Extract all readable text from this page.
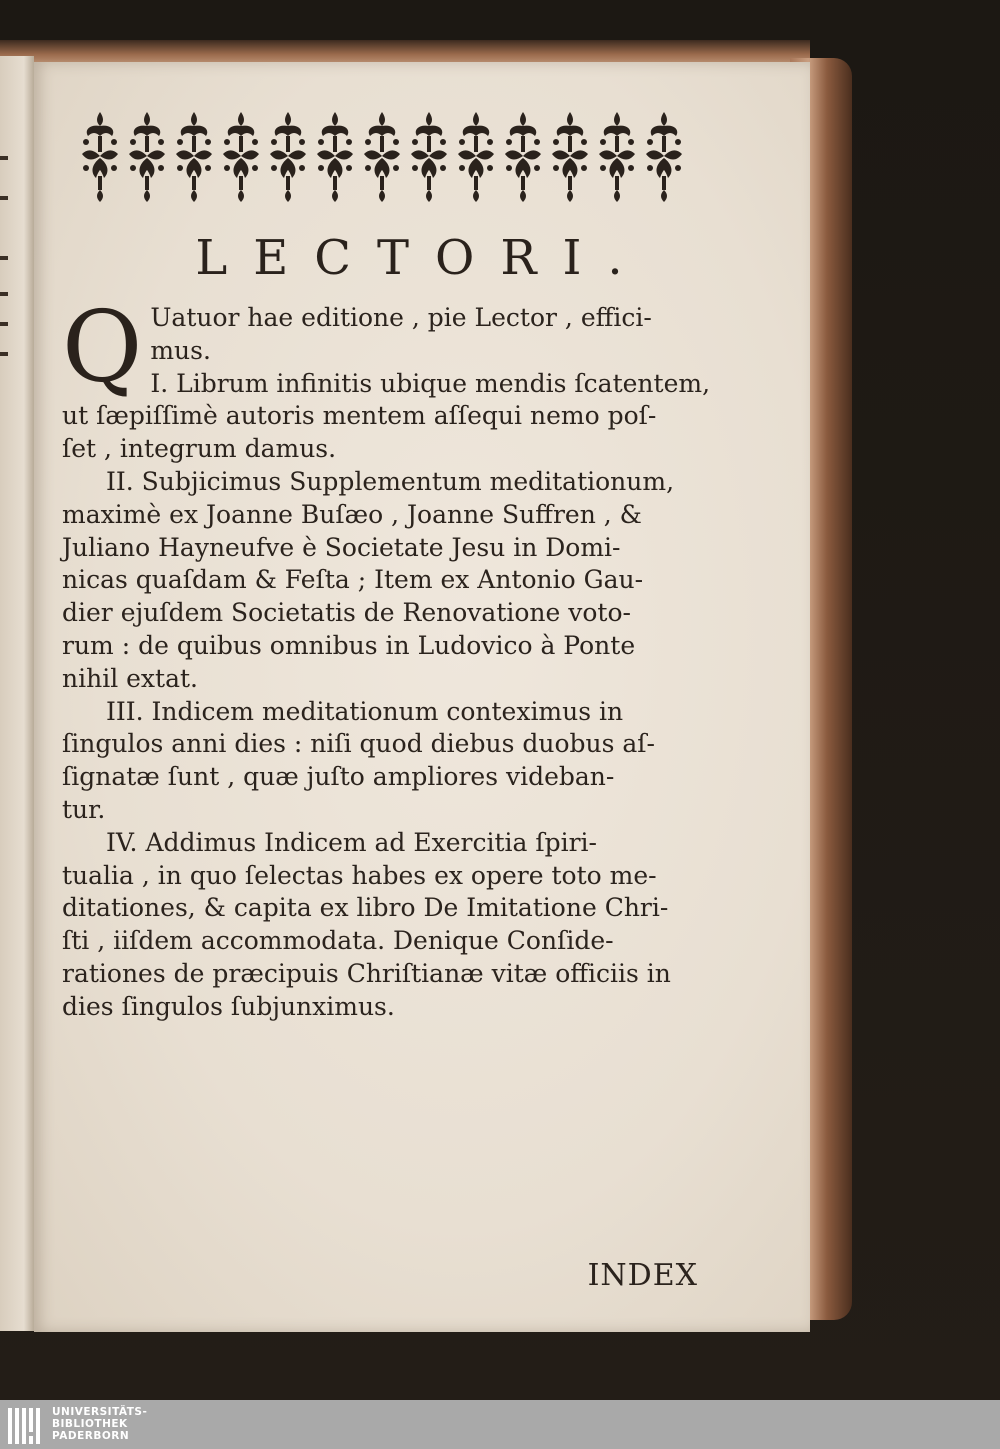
LECTORI.
Q Uatuor hae editione , pie Lector , effici-
mus.
I. Librum infinitis ubique mendis ſcatentem,
ut ſæpiſſimè autoris mentem aſſequi nemo poſ-
ſet , integrum damus.
II. Subjicimus Supplementum meditationum,
maximè ex Joanne Buſæo , Joanne Suffren , &
Juliano Hayneufve è Societate Jesu in Domi-
nicas quaſdam & Feſta ; Item ex Antonio Gau-
dier ejuſdem Societatis de Renovatione voto-
rum : de quibus omnibus in Ludovico à Ponte
nihil extat.
III. Indicem meditationum conteximus in
ſingulos anni dies : niſi quod diebus duobus aſ-
ſignatæ ſunt , quæ juſto ampliores videban-
tur.
IV. Addimus Indicem ad Exercitia ſpiri-
tualia , in quo ſelectas habes ex opere toto me-
ditationes, & capita ex libro De Imitatione Chri-
ſti , iiſdem accommodata. Denique Conſide-
rationes de præcipuis Chriſtianæ vitæ officiis in
dies ſingulos ſubjunximus.
INDEX
UNIVERSITÄTS-
BIBLIOTHEK
PADERBORN
